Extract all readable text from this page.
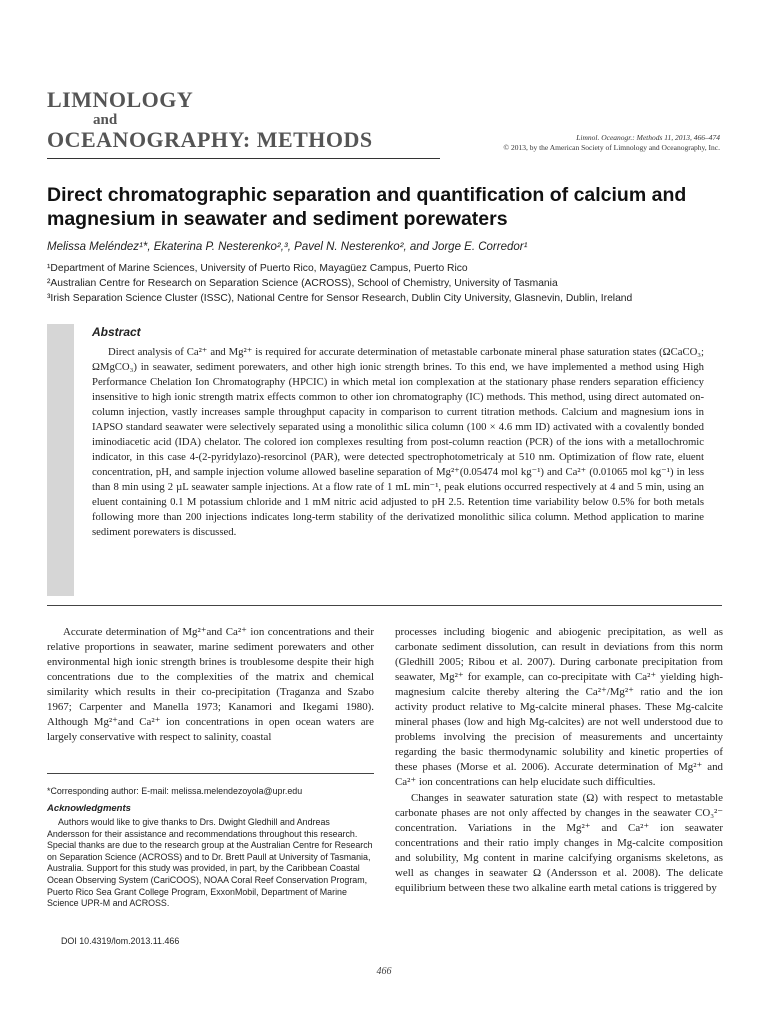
LIMNOLOGY
and
OCEANOGRAPHY: METHODS	Limnol. Oceanogr.: Methods 11, 2013, 466–474
© 2013, by the American Society of Limnology and Oceanography, Inc.
Direct chromatographic separation and quantification of calcium and magnesium in seawater and sediment porewaters
Melissa Meléndez¹*, Ekaterina P. Nesterenko²,³, Pavel N. Nesterenko², and Jorge E. Corredor¹
¹Department of Marine Sciences, University of Puerto Rico, Mayagüez Campus, Puerto Rico
²Australian Centre for Research on Separation Science (ACROSS), School of Chemistry, University of Tasmania
³Irish Separation Science Cluster (ISSC), National Centre for Sensor Research, Dublin City University, Glasnevin, Dublin, Ireland
Abstract

Direct analysis of Ca²⁺ and Mg²⁺ is required for accurate determination of metastable carbonate mineral phase saturation states (ΩCaCO₃; ΩMgCO₃) in seawater, sediment porewaters, and other high ionic strength brines. To this end, we have implemented a method using High Performance Chelation Ion Chromatography (HPCIC) in which metal ion complexation at the stationary phase renders separation efficiency insensitive to high ionic strength matrix effects common to other ion chromatography (IC) methods. This method, using direct automated on-column injection, vastly increases sample throughput capacity in comparison to current titration methods. Calcium and magnesium ions in IAPSO standard seawater were selectively separated using a monolithic silica column (100 × 4.6 mm ID) activated with a covalently bonded iminodiacetic acid (IDA) chelator. The colored ion complexes resulting from post-column reaction (PCR) of the ions with a metallochromic indicator, in this case 4-(2-pyridylazo)-resorcinol (PAR), were detected spectrophotometricaly at 510 nm. Optimization of flow rate, eluent concentration, pH, and sample injection volume allowed baseline separation of Mg²⁺(0.05474 mol kg⁻¹) and Ca²⁺ (0.01065 mol kg⁻¹) in less than 8 min using 2 µL seawater sample injections. At a flow rate of 1 mL min⁻¹, peak elutions occurred respectively at 4 and 5 min, using an eluent containing 0.1 M potassium chloride and 1 mM nitric acid adjusted to pH 2.5. Retention time variability below 0.5% for both metals following more than 200 injections indicates long-term stability of the derivatized monolithic silica column. Method application to marine sediment porewaters is discussed.

Accurate determination of Mg²⁺and Ca²⁺ ion concentrations and their relative proportions in seawater, marine sediment porewaters and other environmental high ionic strength brines is troublesome despite their high concentrations due to the complexities of the matrix and chemical similarity which results in their co-precipitation (Traganza and Szabo 1967; Carpenter and Manella 1973; Kanamori and Ikegami 1980). Although Mg²⁺and Ca²⁺ ion concentrations in open ocean waters are largely conservative with respect to salinity, coastal

processes including biogenic and abiogenic precipitation, as well as carbonate sediment dissolution, can result in deviations from this norm (Gledhill 2005; Ribou et al. 2007). During carbonate precipitation from seawater, Mg²⁺ for example, can co-precipitate with Ca²⁺ yielding high-magnesium calcite thereby altering the Ca²⁺/Mg²⁺ ratio and the ion activity product relative to Mg-calcite mineral phases. These Mg-calcite mineral phases (low and high Mg-calcites) are not well understood due to problems involving the precision of measurements and uncertainty regarding the basic thermodynamic solubility and kinetic properties of these phases (Morse et al. 2006). Accurate determination of Mg²⁺ and Ca²⁺ ion concentrations can help elucidate such difficulties.

Changes in seawater saturation state (Ω) with respect to metastable carbonate phases are not only affected by changes in the seawater CO₃²⁻ concentration. Variations in the Mg²⁺ and Ca²⁺ ion seawater concentrations and their ratio imply changes in Mg-calcite composition and solubility, Mg content in marine calcifying organisms skeletons, as well as changes in seawater Ω (Andersson et al. 2008). The delicate equilibrium between these two alkaline earth metal cations is triggered by

*Corresponding author: E-mail: melissa.melendezoyola@upr.edu
Acknowledgments
Authors would like to give thanks to Drs. Dwight Gledhill and Andreas Andersson for their assistance and recommendations throughout this research. Special thanks are due to the research group at the Australian Centre for Research on Separation Science (ACROSS) and to Dr. Brett Paull at University of Tasmania, Australia. Support for this study was provided, in part, by the Caribbean Coastal Ocean Observing System (CariCOOS), NOAA Coral Reef Conservation Program, Puerto Rico Sea Grant College Program, ExxonMobil, Department of Marine Science UPR-M and ACROSS.
DOI 10.4319/lom.2013.11.466
466
